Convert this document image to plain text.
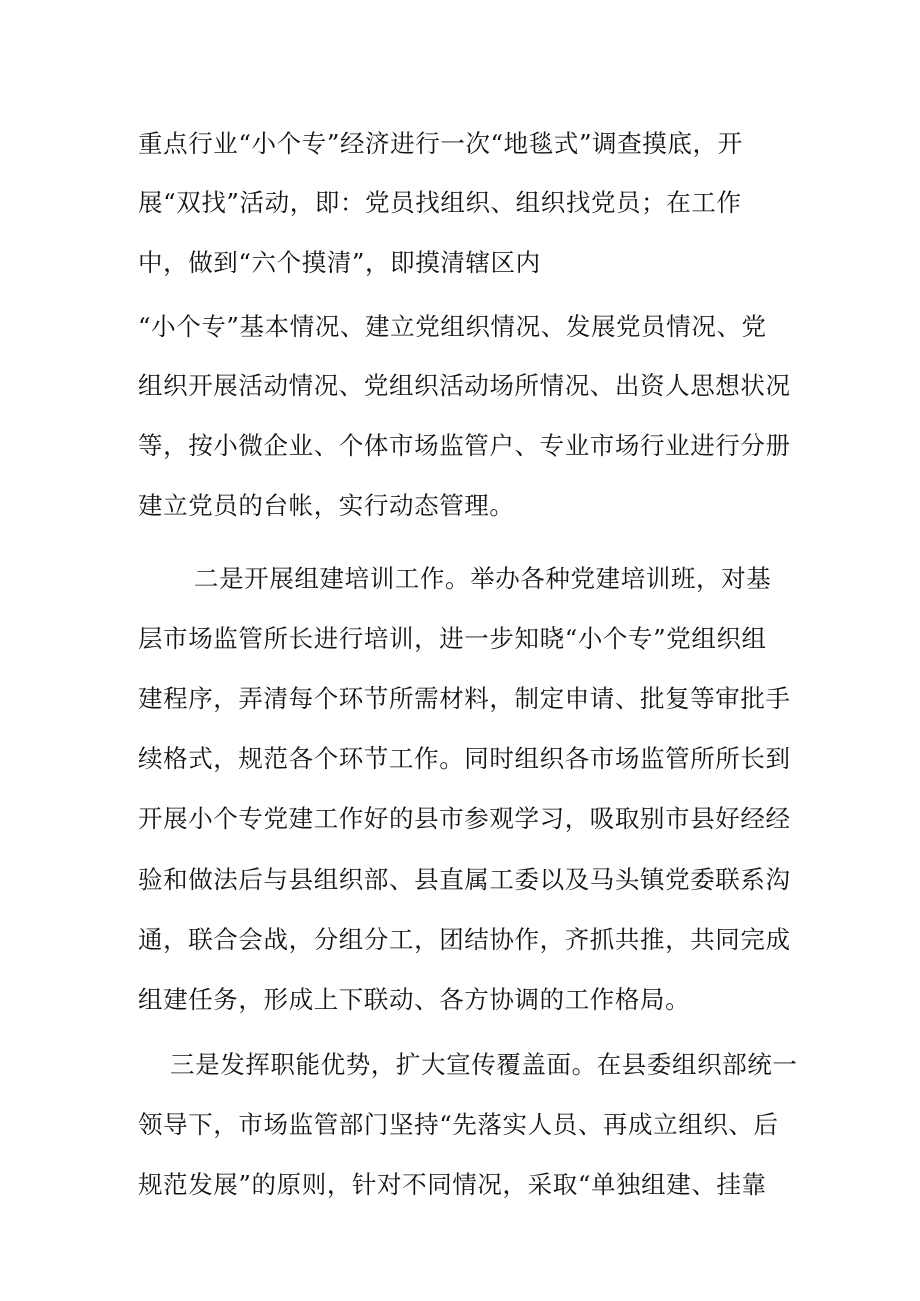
重点行业“小个专”经济进行一次“地毯式”调查摸底，开
展“双找”活动，即：党员找组织、组织找党员；在工作
中，做到“六个摸清”，即摸清辖区内
“小个专”基本情况、建立党组织情况、发展党员情况、党
组织开展活动情况、党组织活动场所情况、出资人思想状况
等，按小微企业、个体市场监管户、专业市场行业进行分册
建立党员的台帐，实行动态管理。
二是开展组建培训工作。举办各种党建培训班，对基
层市场监管所长进行培训，进一步知晓“小个专”党组织组
建程序，弄清每个环节所需材料，制定申请、批复等审批手
续格式，规范各个环节工作。同时组织各市场监管所所长到
开展小个专党建工作好的县市参观学习，吸取别市县好经经
验和做法后与县组织部、县直属工委以及马头镇党委联系沟
通，联合会战，分组分工，团结协作，齐抓共推，共同完成
组建任务，形成上下联动、各方协调的工作格局。
三是发挥职能优势，扩大宣传覆盖面。在县委组织部统一
领导下，市场监管部门坚持“先落实人员、再成立组织、后
规范发展”的原则，针对不同情况，采取“单独组建、挂靠
